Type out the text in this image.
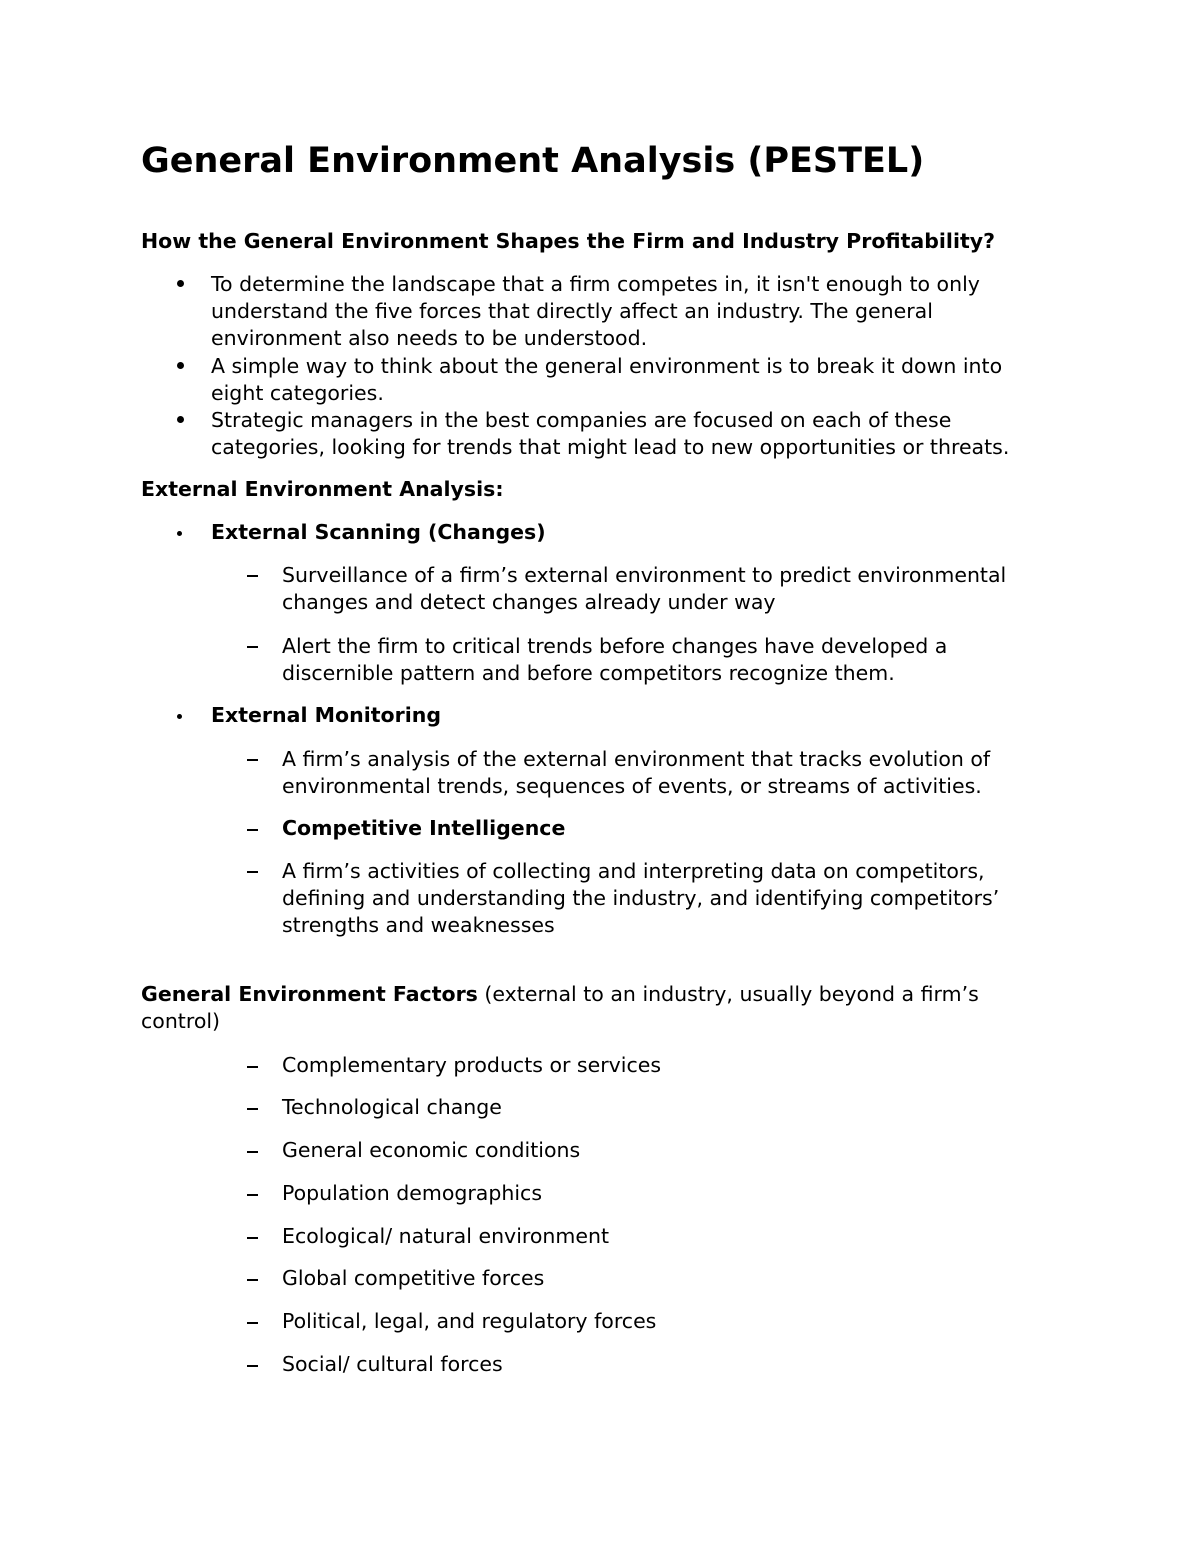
General Environment Analysis (PESTEL)
How the General Environment Shapes the Firm and Industry Profitability?
To determine the landscape that a firm competes in, it isn't enough to only
understand the five forces that directly affect an industry. The general
environment also needs to be understood.
A simple way to think about the general environment is to break it down into
eight categories.
Strategic managers in the best companies are focused on each of these
categories, looking for trends that might lead to new opportunities or threats.
External Environment Analysis:
External Scanning (Changes)
Surveillance of a firm’s external environment to predict environmental
changes and detect changes already under way
Alert the firm to critical trends before changes have developed a
discernible pattern and before competitors recognize them.
External Monitoring
A firm’s analysis of the external environment that tracks evolution of
environmental trends, sequences of events, or streams of activities.
Competitive Intelligence
A firm’s activities of collecting and interpreting data on competitors,
defining and understanding the industry, and identifying competitors’
strengths and weaknesses
General Environment Factors (external to an industry, usually beyond a firm’s
control)
Complementary products or services
Technological change
General economic conditions
Population demographics
Ecological/ natural environment
Global competitive forces
Political, legal, and regulatory forces
Social/ cultural forces
